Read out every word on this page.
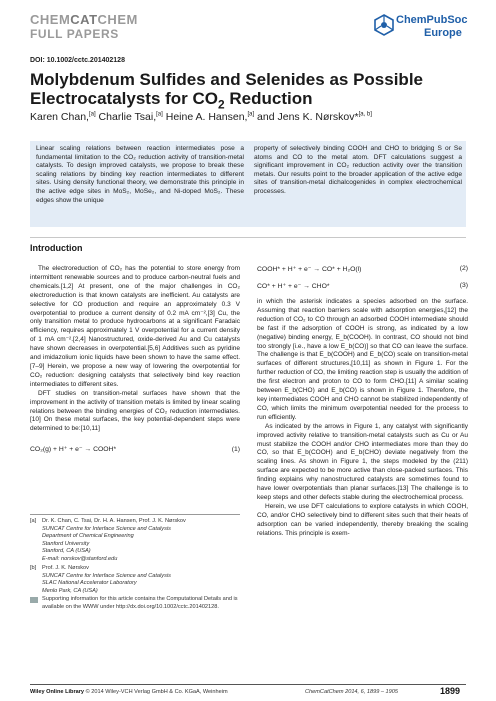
CHEMCATCHEM
FULL PAPERS
ChemPubSoc
Europe
DOI: 10.1002/cctc.201402128
Molybdenum Sulfides and Selenides as Possible
Electrocatalysts for $CO_2$ Reduction
Karen Chan,[a] Charlie Tsai,[a] Heine A. Hansen,[a] and Jens K. Nørskov*[a, b]
Linear scaling relations between reaction intermediates pose a fundamental limitation to the CO₂ reduction activity of transition-metal catalysts. To design improved catalysts, we propose to break these scaling relations by binding key reaction intermediates to different sites. Using density functional theory, we demonstrate this principle in the active edge sites in MoS₂, MoSe₂, and Ni-doped MoS₂. These edges show the unique
property of selectively binding COOH and CHO to bridging S or Se atoms and CO to the metal atom. DFT calculations suggest a significant improvement in CO₂ reduction activity over the transition metals. Our results point to the broader application of the active edge sites of transition-metal dichalcogenides in complex electrochemical processes.
Introduction

The electroreduction of CO₂ has the potential to store energy from intermittent renewable sources and to produce carbon-neutral fuels and chemicals.[1,2] At present, one of the major challenges in CO₂ electroreduction is that known catalysts are inefficient. Au catalysts are selective for CO production and require an approximately 0.3 V overpotential to produce a current density of 0.2 mA cm⁻²,[3] Cu, the only transition metal to produce hydrocarbons at a significant Faradaic efficiency, requires approximately 1 V overpotential for a current density of 1 mA cm⁻².[2,4] Nanostructured, oxide-derived Au and Cu catalysts have shown decreases in overpotential.[5,6] Additives such as pyridine and imidazolium ionic liquids have been shown to have the same effect.[7–9] Herein, we propose a new way of lowering the overpotential for CO₂ reduction: designing catalysts that selectively bind key reaction intermediates to different sites.

DFT studies on transition-metal surfaces have shown that the improvement in the activity of transition metals is limited by linear scaling relations between the binding energies of CO₂ reduction intermediates.[10] On these metal surfaces, the key potential-dependent steps were determined to be:[10,11]

CO₂(g) + H⁺ + e⁻ → COOH*	(1)
COOH* + H⁺ + e⁻ → CO* + H₂O(l)	(2)
CO* + H⁺ + e⁻ → CHO*	(3)

in which the asterisk indicates a species adsorbed on the surface. Assuming that reaction barriers scale with adsorption energies,[12] the reduction of CO₂ to CO through an adsorbed COOH intermediate should be fast if the adsorption of COOH is strong, as indicated by a low (negative) binding energy, E_b(COOH). In contrast, CO should not bind too strongly [i.e., have a low E_b(CO)] so that CO can leave the surface. The challenge is that E_b(COOH) and E_b(CO) scale on transition-metal surfaces of different structures,[10,11] as shown in Figure 1. For the further reduction of CO, the limiting reaction step is usually the addition of the first electron and proton to CO to form CHO.[11] A similar scaling between E_b(CHO) and E_b(CO) is shown in Figure 1. Therefore, the key intermediates COOH and CHO cannot be stabilized independently of CO, which limits the minimum overpotential needed for the process to run efficiently.

As indicated by the arrows in Figure 1, any catalyst with significantly improved activity relative to transition-metal catalysts such as Cu or Au must stabilize the COOH and/or CHO intermediates more than they do CO, so that E_b(COOH) and E_b(CHO) deviate negatively from the scaling lines. As shown in Figure 1, the steps modeled by the (211) surface are expected to be more active than close-packed surfaces. This finding explains why nanostructured catalysts are sometimes found to have lower overpotentials than planar surfaces.[13] The challenge is to keep steps and other defects stable during the electrochemical process.

Herein, we use DFT calculations to explore catalysts in which COOH, CO, and/or CHO selectively bind to different sites such that their heats of adsorption can be varied independently, thereby breaking the scaling relations. This principle is exem-

[a]	Dr. K. Chan, C. Tsai, Dr. H. A. Hansen, Prof. J. K. Nørskov
SUNCAT Centre for Interface Science and Catalysis
Department of Chemical Engineering
Stanford University
Stanford, CA (USA)
E-mail: norskov@stanford.edu
[b]	Prof. J. K. Nørskov
SUNCAT Centre for Interface Science and Catalysis
SLAC National Accelerator Laboratory
Menlo Park, CA (USA)
Supporting information for this article contains the Computational Details and is available on the WWW under http://dx.doi.org/10.1002/cctc.201402128.
Wiley Online Library © 2014 Wiley-VCH Verlag GmbH & Co. KGaA, Weinheim	ChemCatChem 2014, 6, 1899 – 1905	1899
